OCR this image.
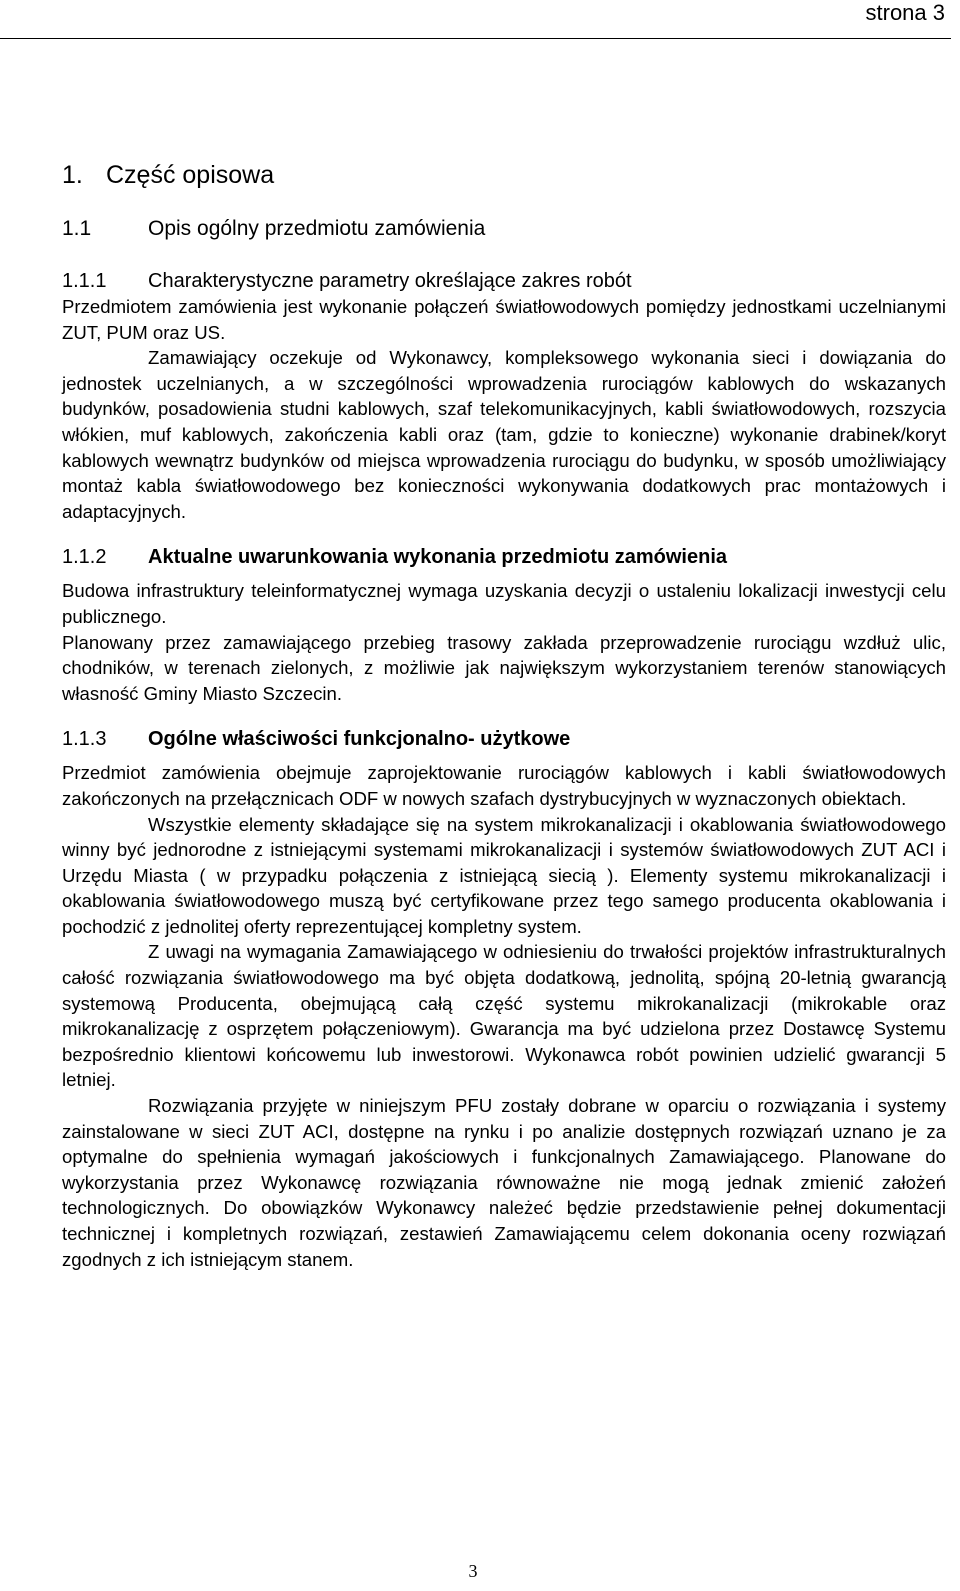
strona 3
1. Część opisowa
1.1	Opis ogólny przedmiotu zamówienia
1.1.1	Charakterystyczne parametry określające zakres robót

Przedmiotem zamówienia jest wykonanie połączeń światłowodowych pomiędzy jednostkami uczelnianymi ZUT, PUM oraz US.

Zamawiający oczekuje od Wykonawcy, kompleksowego wykonania sieci i dowiązania do jednostek uczelnianych, a w szczególności wprowadzenia rurociągów kablowych do wskazanych budynków, posadowienia studni kablowych, szaf telekomunikacyjnych, kabli światłowodowych, rozszycia włókien, muf kablowych, zakończenia kabli oraz (tam, gdzie to konieczne) wykonanie drabinek/koryt kablowych wewnątrz budynków od miejsca wprowadzenia rurociągu do budynku, w sposób umożliwiający montaż kabla światłowodowego bez konieczności wykonywania dodatkowych prac montażowych i adaptacyjnych.

1.1.2	Aktualne uwarunkowania wykonania przedmiotu zamówienia

Budowa infrastruktury teleinformatycznej wymaga uzyskania decyzji o ustaleniu lokalizacji inwestycji celu publicznego.

Planowany przez zamawiającego przebieg trasowy zakłada przeprowadzenie rurociągu wzdłuż ulic, chodników, w terenach zielonych, z możliwie jak największym wykorzystaniem terenów stanowiących własność Gminy Miasto Szczecin.

1.1.3	Ogólne właściwości funkcjonalno- użytkowe

Przedmiot zamówienia obejmuje zaprojektowanie rurociągów kablowych i kabli światłowodowych zakończonych na przełącznicach ODF w nowych szafach dystrybucyjnych w wyznaczonych obiektach.

Wszystkie elementy składające się na system mikrokanalizacji i okablowania światłowodowego winny być jednorodne z istniejącymi systemami mikrokanalizacji i systemów światłowodowych ZUT ACI i Urzędu Miasta ( w przypadku połączenia z istniejącą siecią ). Elementy systemu mikrokanalizacji i okablowania światłowodowego muszą być certyfikowane przez tego samego producenta okablowania i pochodzić z jednolitej oferty reprezentującej kompletny system.

Z uwagi na wymagania Zamawiającego w odniesieniu do trwałości projektów infrastrukturalnych całość rozwiązania światłowodowego ma być objęta dodatkową, jednolitą, spójną 20-letnią gwarancją systemową Producenta, obejmującą całą część systemu mikrokanalizacji (mikrokable oraz mikrokanalizację z osprzętem połączeniowym). Gwarancja ma być udzielona przez Dostawcę Systemu bezpośrednio klientowi końcowemu lub inwestorowi. Wykonawca robót powinien udzielić gwarancji 5 letniej.

Rozwiązania przyjęte w niniejszym PFU zostały dobrane w oparciu o rozwiązania i systemy zainstalowane w sieci ZUT ACI, dostępne na rynku i po analizie dostępnych rozwiązań uznano je za optymalne do spełnienia wymagań jakościowych i funkcjonalnych Zamawiającego. Planowane do wykorzystania przez Wykonawcę rozwiązania równoważne nie mogą jednak zmienić założeń technologicznych. Do obowiązków Wykonawcy należeć będzie przedstawienie pełnej dokumentacji technicznej i kompletnych rozwiązań, zestawień Zamawiającemu celem dokonania oceny rozwiązań zgodnych z ich istniejącym stanem.

3
